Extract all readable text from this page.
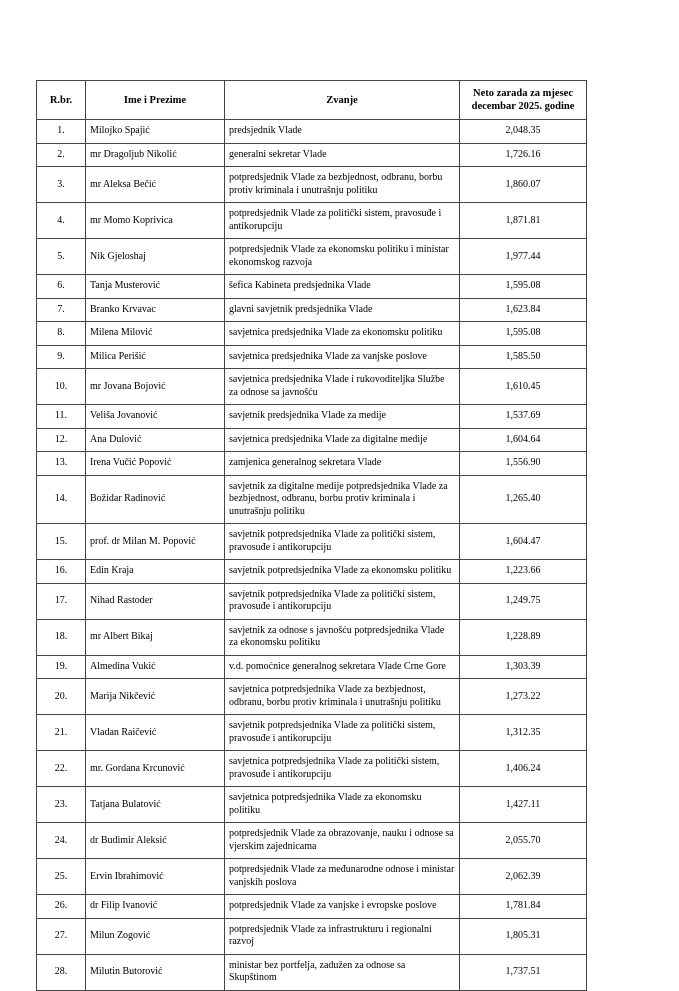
R.br.	Ime i Prezime	Zvanje	Neto zarada za mjesec decembar 2025. godine
1.	Milojko Spajić	predsjednik Vlade	2,048.35
2.	mr Dragoljub Nikolić	generalni sekretar Vlade	1,726.16
3.	mr Aleksa Bečić	potpredsjednik Vlade za bezbjednost, odbranu, borbu protiv kriminala i unutrašnju politiku	1,860.07
4.	mr Momo Koprivica	potpredsjednik Vlade za politički sistem, pravosuđe i antikorupciju	1,871.81
5.	Nik Gjeloshaj	potpredsjednik Vlade za ekonomsku politiku i ministar ekonomskog razvoja	1,977.44
6.	Tanja Musterović	šefica Kabineta predsjednika Vlade	1,595.08
7.	Branko Krvavac	glavni savjetnik predsjednika Vlade	1,623.84
8.	Milena Milović	savjetnica predsjednika Vlade za ekonomsku politiku	1,595.08
9.	Milica Perišić	savjetnica predsjednika Vlade za vanjske poslove	1,585.50
10.	mr Jovana Bojović	savjetnica predsjednika Vlade i rukovoditeljka Službe za odnose sa javnošću	1,610.45
11.	Veliša Jovanović	savjetnik predsjednika Vlade za medije	1,537.69
12.	Ana Dulović	savjetnica predsjednika Vlade za digitalne medije	1,604.64
13.	Irena Vučić Popović	zamjenica generalnog sekretara Vlade	1,556.90
14.	Božidar Radinović	savjetnik za digitalne medije potpredsjednika Vlade za bezbjednost, odbranu, borbu protiv kriminala i unutrašnju politiku	1,265.40
15.	prof. dr Milan M. Popović	savjetnik potpredsjednika Vlade za politički sistem, pravosuđe i antikorupciju	1,604.47
16.	Edin Kraja	savjetnik potpredsjednika Vlade za ekonomsku politiku	1,223.66
17.	Nihad Rastoder	savjetnik potpredsjednika Vlade za politički sistem, pravosuđe i antikorupciju	1,249.75
18.	mr Albert Bikaj	savjetnik za odnose s javnošću potpredsjednika Vlade za ekonomsku politiku	1,228.89
19.	Almedina Vukić	v.d. pomoćnice generalnog sekretara Vlade Crne Gore	1,303.39
20.	Marija Nikčević	savjetnica potpredsjednika Vlade za bezbjednost, odbranu, borbu protiv kriminala i unutrašnju politiku	1,273.22
21.	Vladan Raičević	savjetnik potpredsjednika Vlade za politički sistem, pravosuđe i antikorupciju	1,312.35
22.	mr. Gordana Krcunović	savjetnica potpredsjednika Vlade za politički sistem, pravosuđe i antikorupciju	1,406.24
23.	Tatjana Bulatović	savjetnica potpredsjednika Vlade za ekonomsku politiku	1,427.11
24.	dr Budimir Aleksić	potpredsjednik Vlade za obrazovanje, nauku i odnose sa vjerskim zajednicama	2,055.70
25.	Ervin Ibrahimović	potpredsjednik Vlade za međunarodne odnose i ministar vanjskih poslova	2,062.39
26.	dr Filip Ivanović	potpredsjednik Vlade za vanjske i evropske poslove	1,781.84
27.	Milun Zogović	potpredsjednik Vlade za infrastrukturu i regionalni razvoj	1,805.31
28.	Milutin Butorović	ministar bez portfelja, zadužen za odnose sa Skupštinom	1,737.51
